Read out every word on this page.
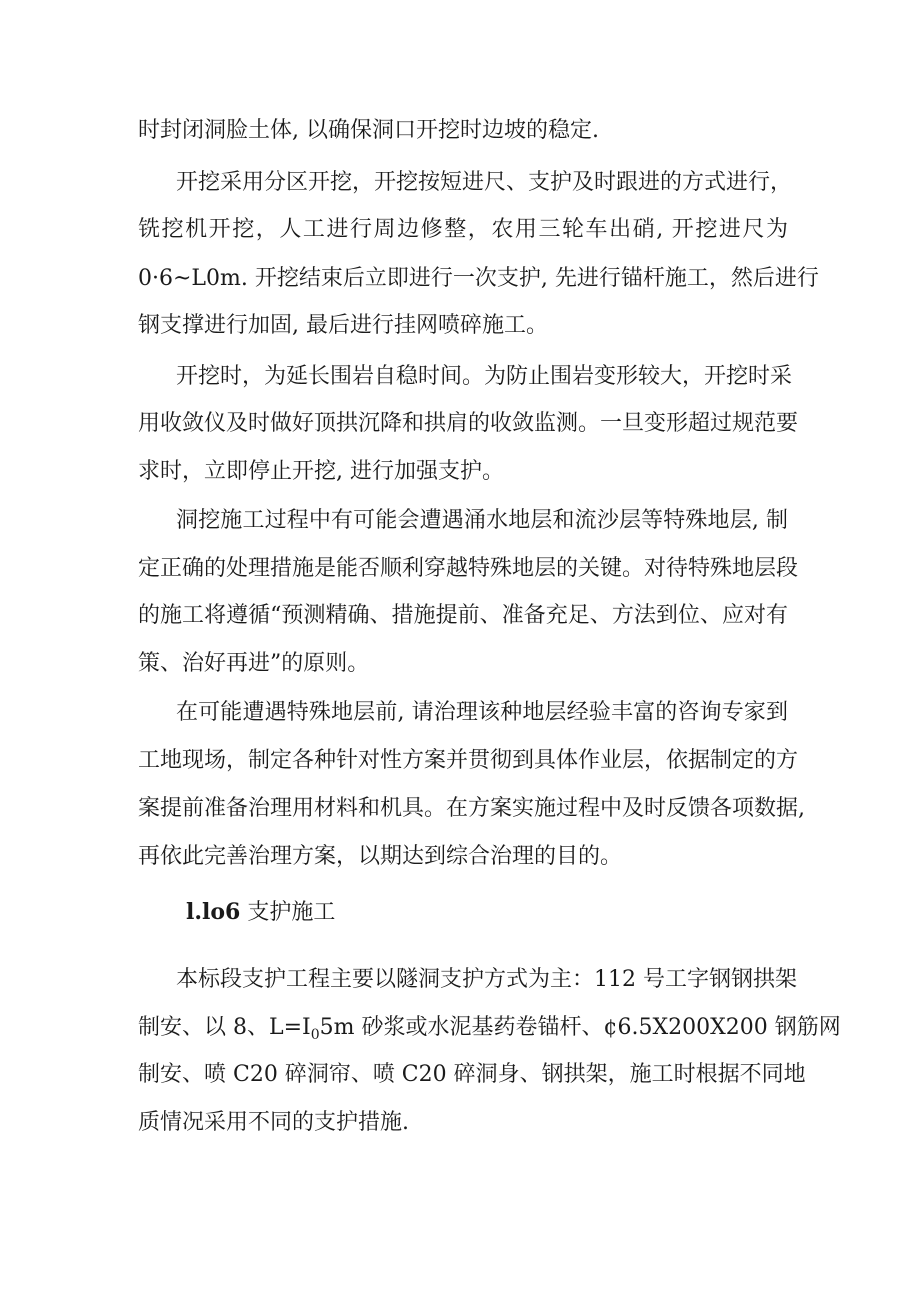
时封闭洞脸土体, 以确保洞口开挖时边坡的稳定.
开挖采用分区开挖，开挖按短进尺、支护及时跟进的方式进行，
铣挖机开挖，人工进行周边修整，农用三轮车出硝, 开挖进尺为
0·6~L0m. 开挖结束后立即进行一次支护, 先进行锚杆施工，然后进行
钢支撑进行加固, 最后进行挂网喷碎施工。
开挖时，为延长围岩自稳时间。为防止围岩变形较大，开挖时采
用收敛仪及时做好顶拱沉降和拱肩的收敛监测。一旦变形超过规范要
求时，立即停止开挖, 进行加强支护。
洞挖施工过程中有可能会遭遇涌水地层和流沙层等特殊地层, 制
定正确的处理措施是能否顺利穿越特殊地层的关键。对待特殊地层段
的施工将遵循“预测精确、措施提前、准备充足、方法到位、应对有
策、治好再进”的原则。
在可能遭遇特殊地层前, 请治理该种地层经验丰富的咨询专家到
工地现场，制定各种针对性方案并贯彻到具体作业层，依据制定的方
案提前准备治理用材料和机具。在方案实施过程中及时反馈各项数据,
再依此完善治理方案，以期达到综合治理的目的。
l.lo6 支护施工
本标段支护工程主要以隧洞支护方式为主：112 号工字钢钢拱架
制安、以 8、$L=I_05m$ 砂浆或水泥基药卷锚杆、¢6.5X200X200 钢筋网
制安、喷 C20 碎洞帘、喷 C20 碎洞身、钢拱架，施工时根据不同地
质情况采用不同的支护措施.
